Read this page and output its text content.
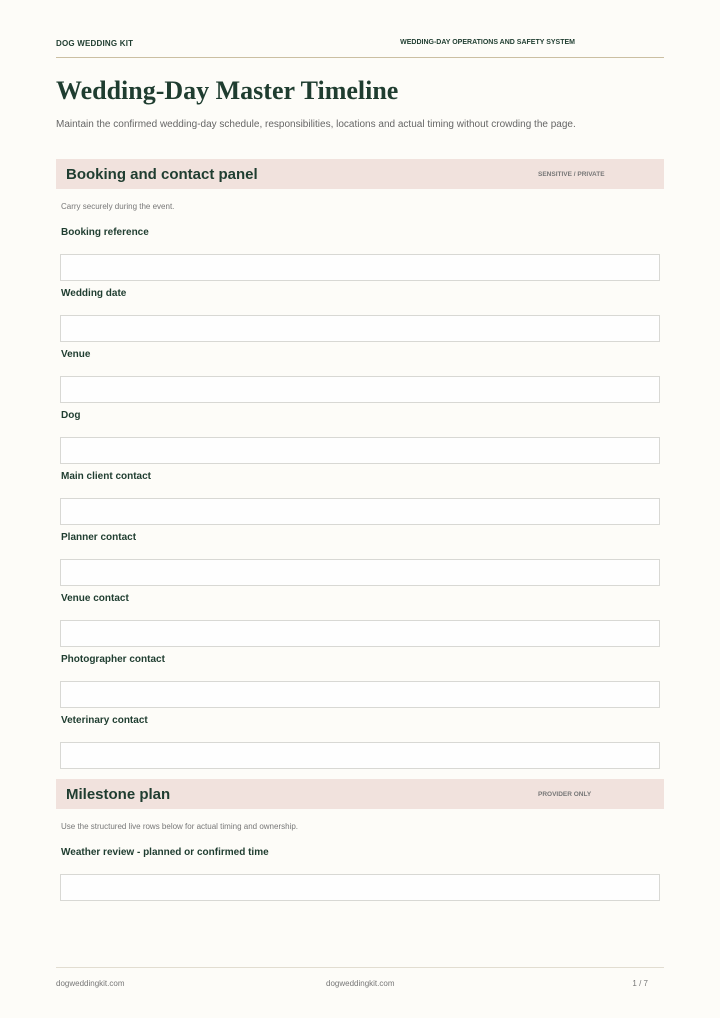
DOG WEDDING KIT	WEDDING-DAY OPERATIONS AND SAFETY SYSTEM
Wedding-Day Master Timeline

Maintain the confirmed wedding-day schedule, responsibilities, locations and actual timing without crowding the page.

Booking and contact panel	SENSITIVE / PRIVATE
Carry securely during the event.
Booking reference
Wedding date
Venue
Dog
Main client contact
Planner contact
Venue contact
Photographer contact
Veterinary contact
Milestone plan	PROVIDER ONLY
Use the structured live rows below for actual timing and ownership.
Weather review - planned or confirmed time
dogweddingkit.com	dogweddingkit.com	1 / 7
